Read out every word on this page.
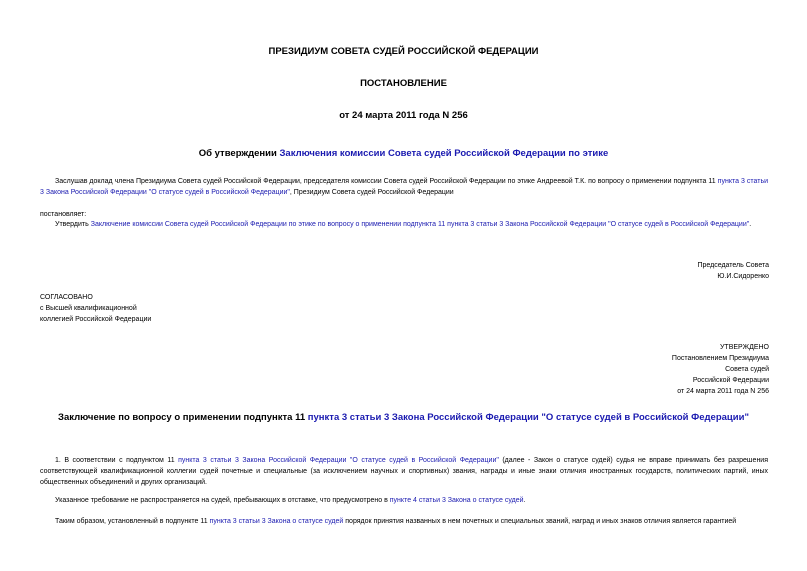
ПРЕЗИДИУМ СОВЕТА СУДЕЙ РОССИЙСКОЙ ФЕДЕРАЦИИ
ПОСТАНОВЛЕНИЕ
от 24 марта 2011 года N 256
Об утверждении Заключения комиссии Совета судей Российской Федерации по этике
Заслушав доклад члена Президиума Совета судей Российской Федерации, председателя комиссии Совета судей Российской Федерации по этике Андреевой Т.К. по вопросу о применении подпункта 11 пункта 3 статьи 3 Закона Российской Федерации "О статусе судей в Российской Федерации", Президиум Совета судей Российской Федерации
постановляет:
Утвердить Заключение комиссии Совета судей Российской Федерации по этике по вопросу о применении подпункта 11 пункта 3 статьи 3 Закона Российской Федерации "О статусе судей в Российской Федерации".
Председатель Совета
Ю.И.Сидоренко
СОГЛАСОВАНО
с Высшей квалификационной
коллегией Российской Федерации
УТВЕРЖДЕНО
Постановлением Президиума
Совета судей
Российской Федерации
от 24 марта 2011 года N 256
Заключение по вопросу о применении подпункта 11 пункта 3 статьи 3 Закона Российской Федерации "О статусе судей в Российской Федерации"
1. В соответствии с подпунктом 11 пункта 3 статьи 3 Закона Российской Федерации "О статусе судей в Российской Федерации" (далее - Закон о статусе судей) судья не вправе принимать без разрешения соответствующей квалификационной коллегии судей почетные и специальные (за исключением научных и спортивных) звания, награды и иные знаки отличия иностранных государств, политических партий, иных общественных объединений и других организаций.
Указанное требование не распространяется на судей, пребывающих в отставке, что предусмотрено в пункте 4 статьи 3 Закона о статусе судей.
Таким образом, установленный в подпункте 11 пункта 3 статьи 3 Закона о статусе судей порядок принятия названных в нем почетных и специальных званий, наград и иных знаков отличия является гарантией
